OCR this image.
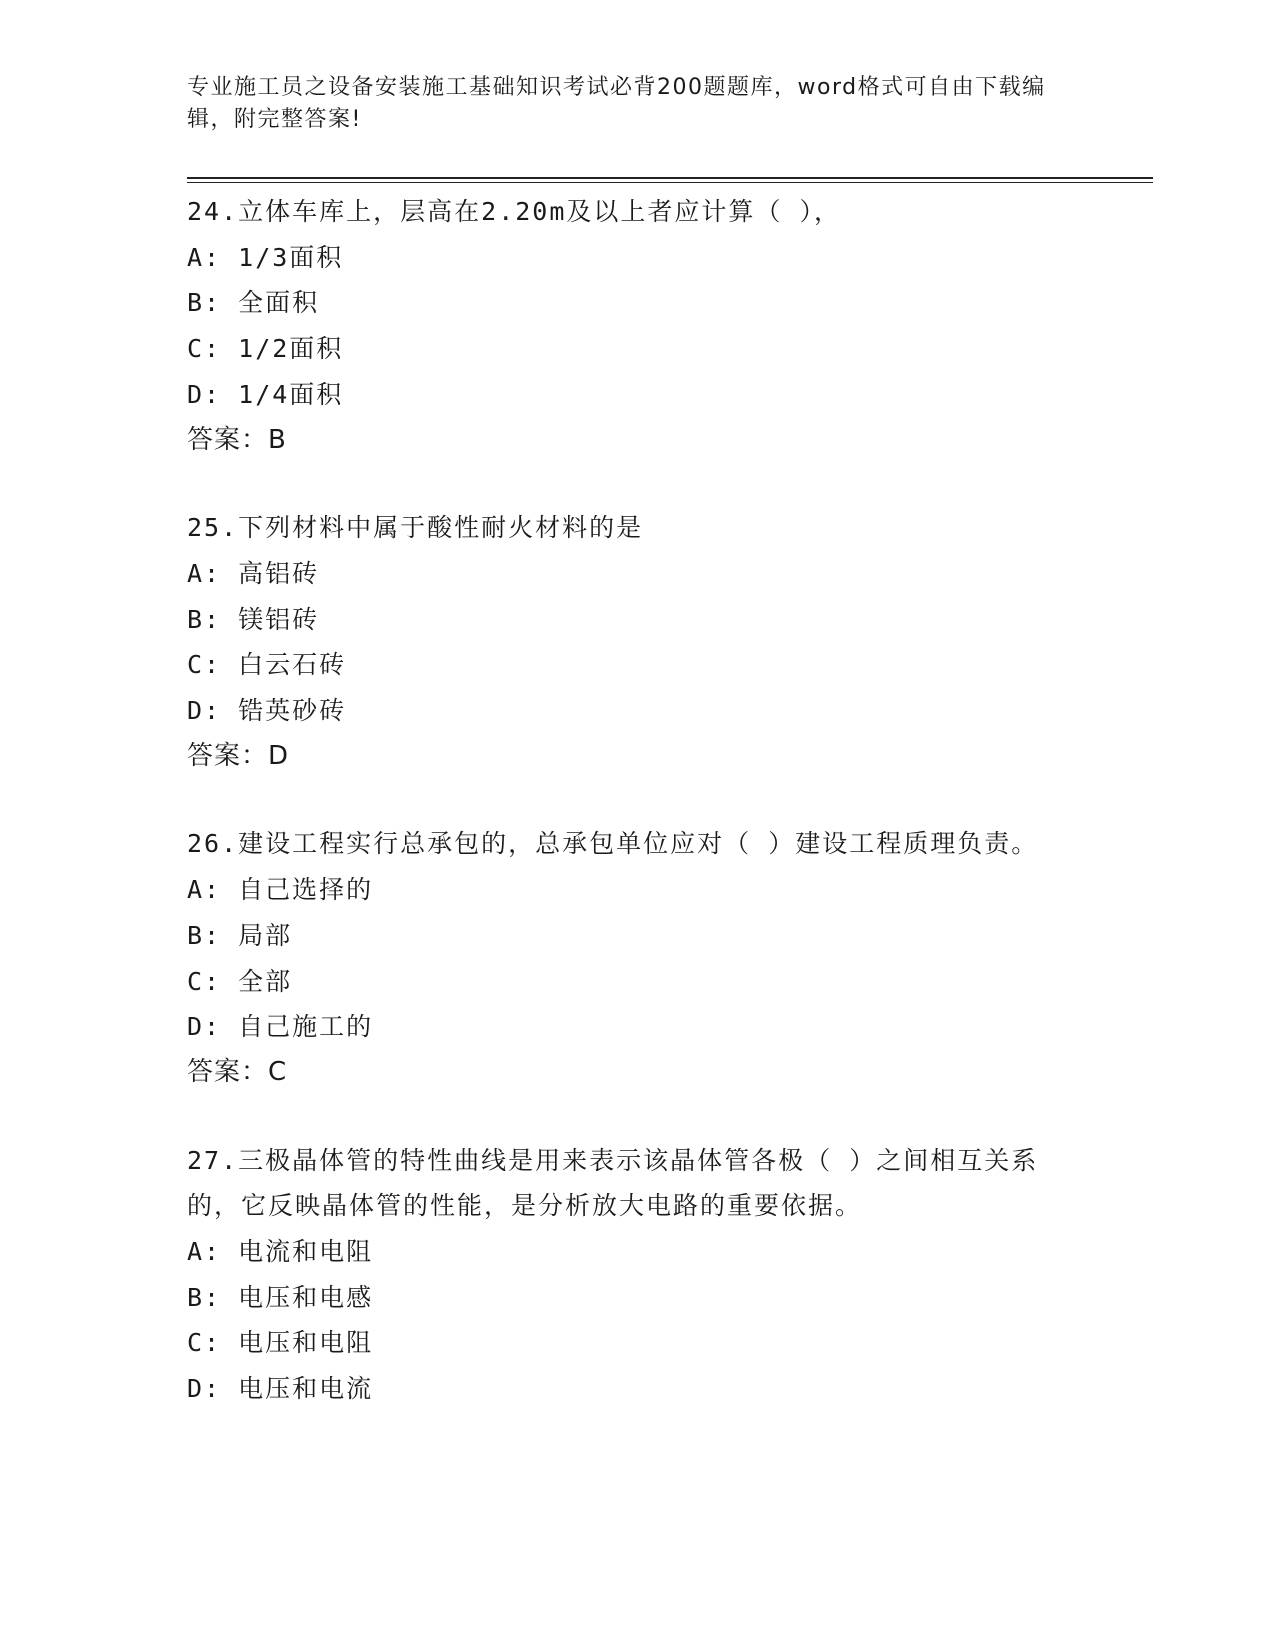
专业施工员之设备安装施工基础知识考试必背200题题库，word格式可自由下载编辑，附完整答案!

24.立体车库上，层高在2.20m及以上者应计算（ ），

A: 1/3面积

B: 全面积

C: 1/2面积

D: 1/4面积

答案：B

25.下列材料中属于酸性耐火材料的是

A: 高铝砖

B: 镁铝砖

C: 白云石砖

D: 锆英砂砖

答案：D

26.建设工程实行总承包的，总承包单位应对（ ）建设工程质理负责。

A: 自己选择的

B: 局部

C: 全部

D: 自己施工的

答案：C

27.三极晶体管的特性曲线是用来表示该晶体管各极（ ）之间相互关系的，它反映晶体管的性能，是分析放大电路的重要依据。

A: 电流和电阻

B: 电压和电感

C: 电压和电阻

D: 电压和电流
